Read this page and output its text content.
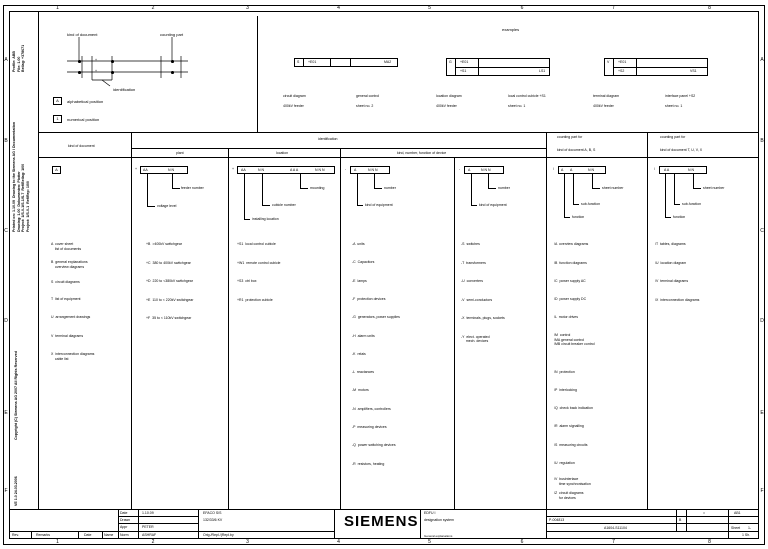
1	2	3	4	5	6	7	8
1	2	3	4	5	6	7	8
A
B
C
D
E
F
A
B
C
D
E
F
Profile: ABB
File: 1.00
Beilag: +378671
Printed on: 1.10.09  Drawing to the Siemens AG / Documentation
Drawing: 1.00  Dokumenten: Plotter
Project: 1/S-0-1/S-1/S-7  Ref/Beilag: 1/00
Project: 1/S-0-1  Ref/Rep: 1/00
Copyright (C) Siemens AG 2007 All Rights Reserved
VE 1.0 24.03.2006
kind of document	counting part
identification
+
+
A	alphabetical position
1	numerical position
examples
S +E01	MA2
circuit diagram
400kV feeder
general control
sheet no. 2
G +E01
+S1	LS1
location diagram
400kV feeder
local control cubicle +S1
sheet no. 1
V +E01
+S2	VS1
terminal diagram
400kV feeder
interface panel +S2
sheet no. 1
kind of document
identification
plant	location	kind, number, function of device
counting part for
kind of document A, B, S
counting part for
kind of document T, U, V, X
A	+ AA	N N
feeder number
voltage level
+ AA	N N	A A A	N N N
mounting
cubicle number
installing location
- A	N N N
number
kind of equipment
- A	N N N
number
kind of equipment
/ A A	N N
sheet number
sub-function
function
/	A A	N N
sheet number
sub-function
function
A  cover sheet
list of documents
B  general explanations
overview diagrams
S  circuit diagrams
T  list of equipment
U  arrangement drawings
V  terminal diagrams
X  interconnection diagrams
cable list
+B  >400kV switchgear
+C  380 to 400kV switchgear
+D  220 to <380kV switchgear
+E  110 to < 220kV switchgear
+F  35 to < 110kV switchgear
+S1  local control cubicle
+W1  remote control cubicle
+S3  ctrl box
+R1  protection cubicle
-A  units
-C  Capacitors
-E  lamps
-F  protection devices
-G  generators, power supplies
-H  alarm units
-K  relais
-L  reactances
-M  motors
-N  amplifiers, controllers
-P  measuring devices
-Q  power switching devices
-R  resistors, heating
-S  switches
-T  transformers
-U  converters
-V  semi-conductors
-X  terminals, plugs, sockets
-Y  elect. operated
mech. devices
/A  overview diagrams
/B  function diagrams
/C  power supply AC
/D  power supply DC
/L  motor drives
/M  control
/MA general control
/MB circuit breaker control
/N  protection
/P  interlocking
/Q  check back indication
/R  alarm signalling
/S  measuring circuits
/U  regulation
/V  busintertace
time synchronisation
/Z  circuit diagrams
for devices
/T  tables, diagrams
/U  location diagram
/V  terminal diagrams
/X  interconnection diagrams
Date	1.10.09
Drawn
Appr	PETER
Norm	ASHRAF
EFACO S/S
132/33/6 KV
Orig./Repl./(Repl.by
Rev.	Remarks	Date	Name
SIEMENS EDFU I
designation system
General explanations
P-004813
A1604-S11104
=	AB1
B
Sheet 1-
1 Sh.
